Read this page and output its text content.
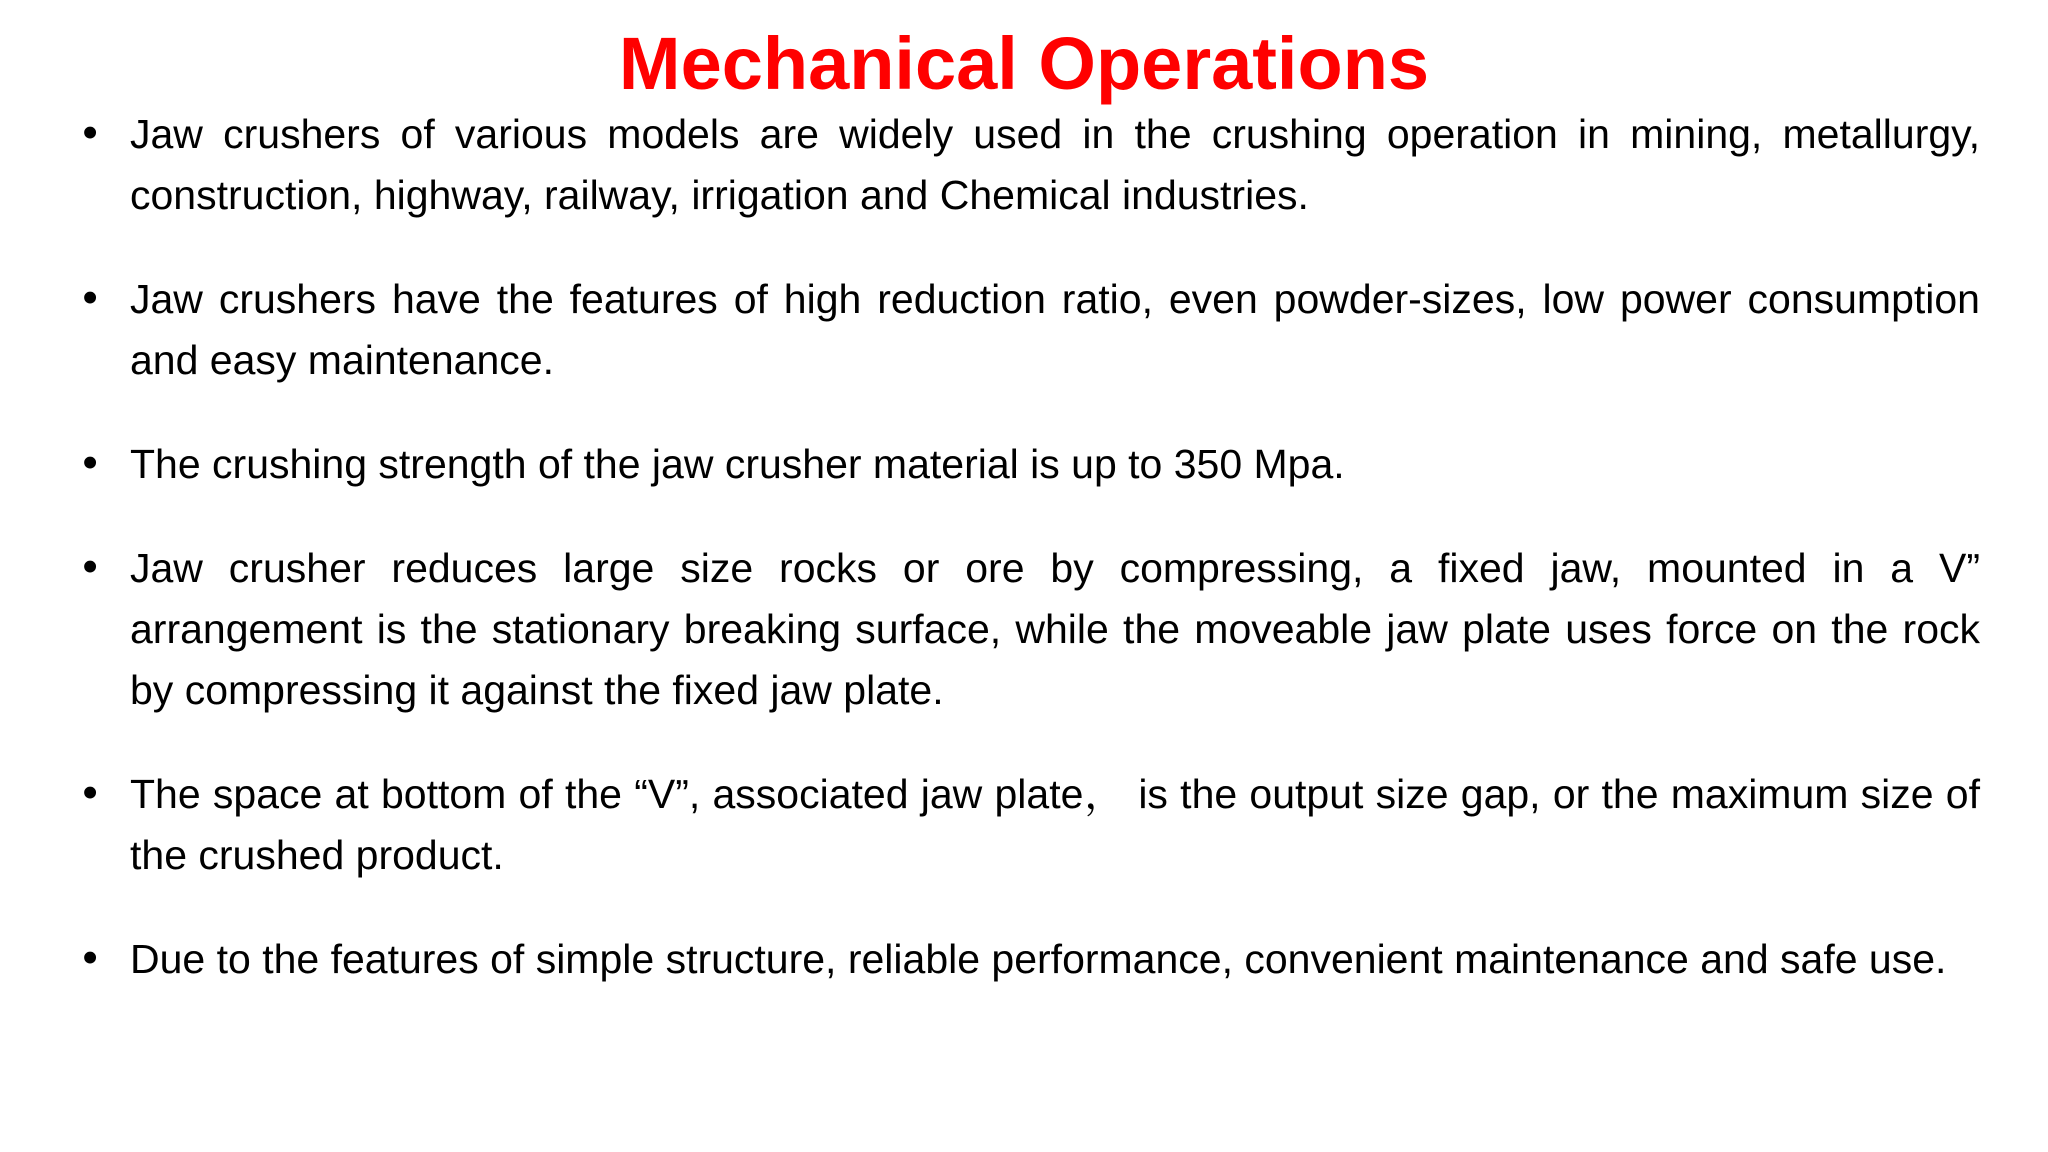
Mechanical Operations
• Jaw crushers of various models are widely used in the crushing operation in mining, metallurgy, construction, highway, railway, irrigation and Chemical industries.
• Jaw crushers have the features of high reduction ratio, even powder-sizes, low power consumption and easy maintenance.
• The crushing strength of the jaw crusher material is up to 350 Mpa.
• Jaw crusher reduces large size rocks or ore by compressing, a fixed jaw, mounted in a V” arrangement is the stationary breaking surface, while the moveable jaw plate uses force on the rock by compressing it against the fixed jaw plate.
• The space at bottom of the “V”, associated jaw plate， is the output size gap, or the maximum size of the crushed product.
• Due to the features of simple structure, reliable performance, convenient maintenance and safe use.
